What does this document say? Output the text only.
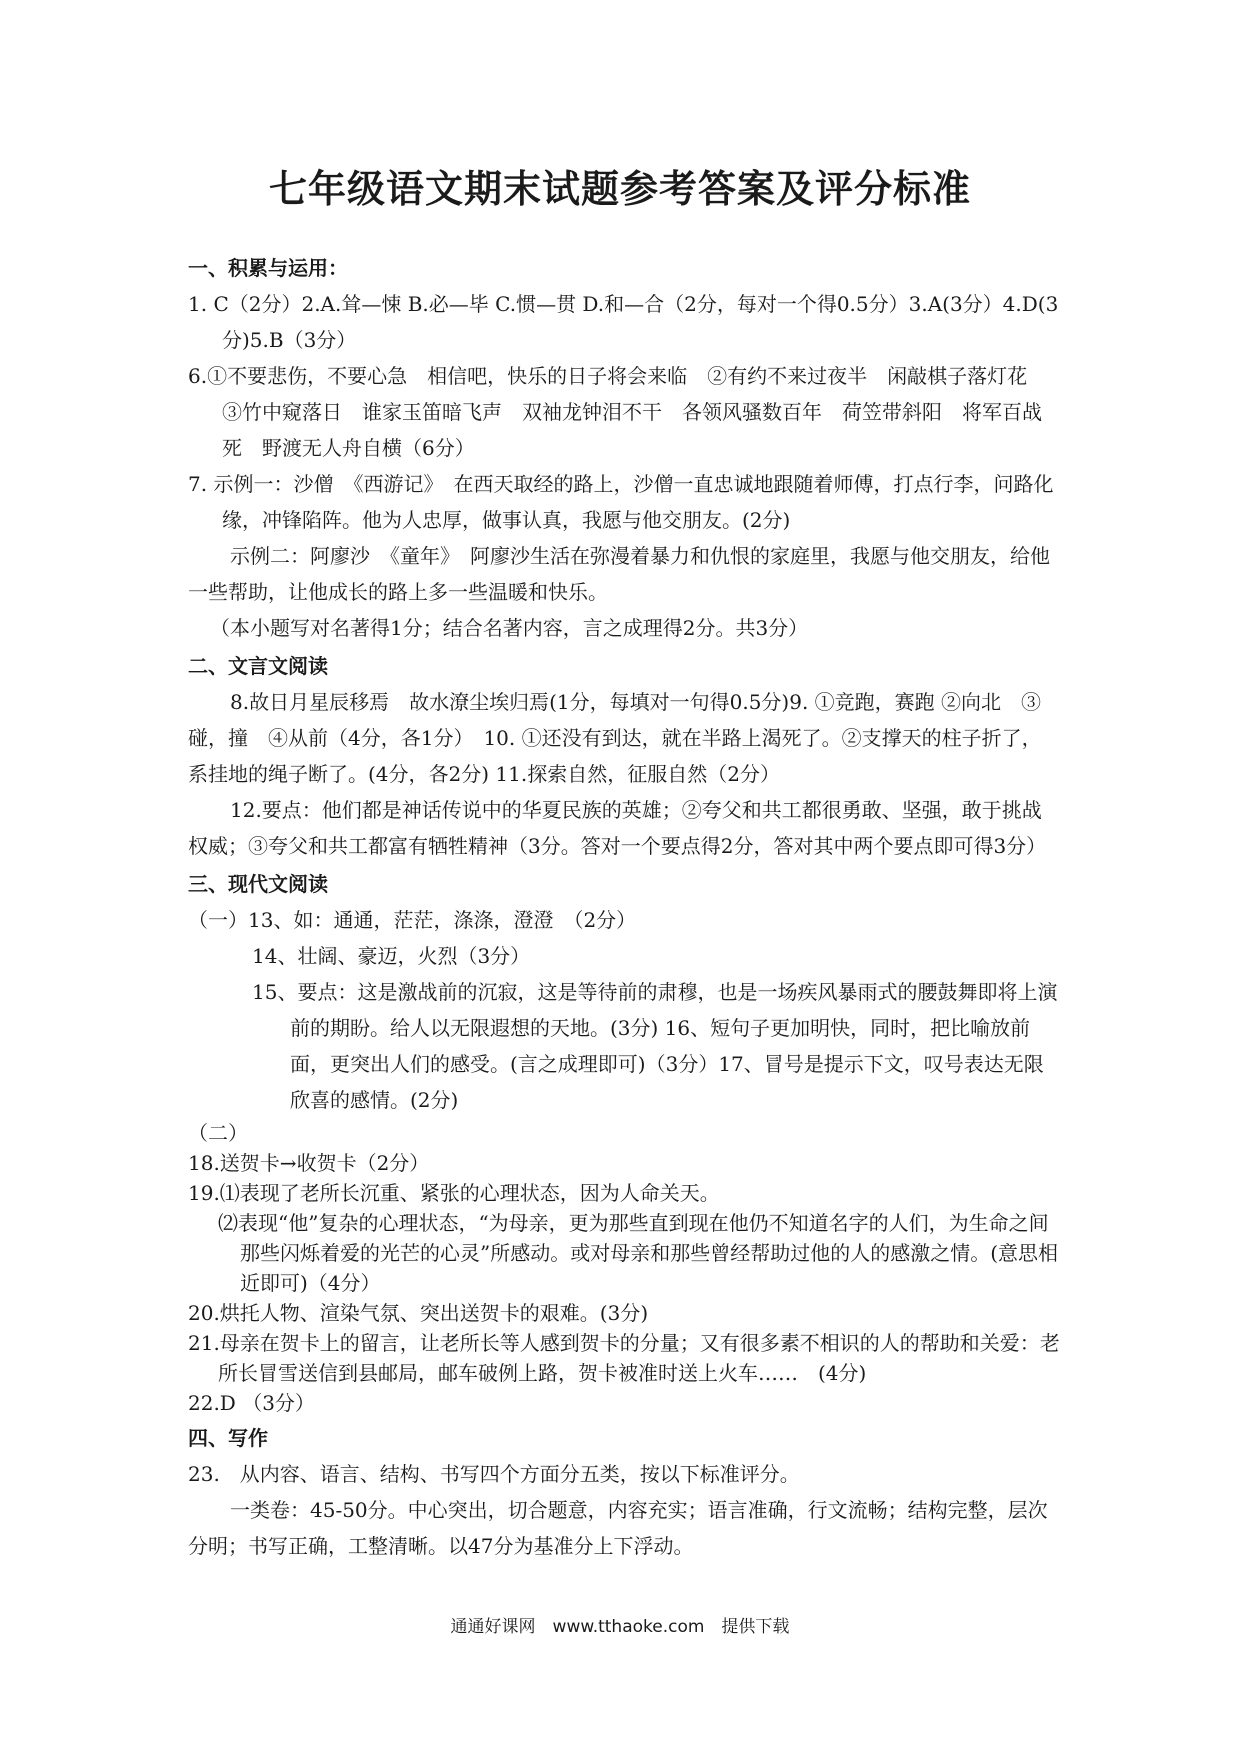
七年级语文期末试题参考答案及评分标准
一、积累与运用：

1. C（2分）2.A.耸—悚 B.必—毕 C.惯—贯 D.和—合（2分，每对一个得0.5分）3.A(3分）4.D(3分)5.B（3分）

6.①不要悲伤，不要心急　相信吧，快乐的日子将会来临　②有约不来过夜半　闲敲棋子落灯花　③竹中窥落日　谁家玉笛暗飞声　双袖龙钟泪不干　各领风骚数百年　荷笠带斜阳　将军百战死　野渡无人舟自横（6分）

7. 示例一：沙僧　《西游记》　在西天取经的路上，沙僧一直忠诚地跟随着师傅，打点行李，问路化缘，冲锋陷阵。他为人忠厚，做事认真，我愿与他交朋友。(2分)

示例二：阿廖沙　《童年》　阿廖沙生活在弥漫着暴力和仇恨的家庭里，我愿与他交朋友，给他一些帮助，让他成长的路上多一些温暖和快乐。

（本小题写对名著得1分；结合名著内容，言之成理得2分。共3分）

二、文言文阅读

8.故日月星辰移焉　故水潦尘埃归焉(1分，每填对一句得0.5分)9. ①竞跑，赛跑 ②向北　③碰，撞　④从前（4分，各1分）　10. ①还没有到达，就在半路上渴死了。②支撑天的柱子折了，系挂地的绳子断了。(4分，各2分) 11.探索自然，征服自然（2分）

12.要点：他们都是神话传说中的华夏民族的英雄；②夸父和共工都很勇敢、坚强，敢于挑战权威；③夸父和共工都富有牺牲精神（3分。答对一个要点得2分，答对其中两个要点即可得3分）

三、现代文阅读

（一）13、如：通通，茫茫，涤涤，澄澄　（2分）

14、壮阔、豪迈，火烈（3分）

15、要点：这是激战前的沉寂，这是等待前的肃穆，也是一场疾风暴雨式的腰鼓舞即将上演前的期盼。给人以无限遐想的天地。(3分) 16、短句子更加明快，同时，把比喻放前面，更突出人们的感受。(言之成理即可)（3分）17、冒号是提示下文，叹号表达无限欣喜的感情。(2分)

（二）

18.送贺卡→收贺卡（2分）

19.⑴表现了老所长沉重、紧张的心理状态，因为人命关天。

⑵表现“他”复杂的心理状态，“为母亲，更为那些直到现在他仍不知道名字的人们，为生命之间那些闪烁着爱的光芒的心灵”所感动。或对母亲和那些曾经帮助过他的人的感激之情。(意思相近即可)（4分）

20.烘托人物、渲染气氛、突出送贺卡的艰难。(3分)

21.母亲在贺卡上的留言，让老所长等人感到贺卡的分量；又有很多素不相识的人的帮助和关爱：老所长冒雪送信到县邮局，邮车破例上路，贺卡被准时送上火车……　(4分)

22.D （3分）

四、写作

23.　从内容、语言、结构、书写四个方面分五类，按以下标准评分。

一类卷：45-50分。中心突出，切合题意，内容充实；语言准确，行文流畅；结构完整，层次分明；书写正确，工整清晰。以47分为基准分上下浮动。

通通好课网　www.tthaoke.com　提供下载
